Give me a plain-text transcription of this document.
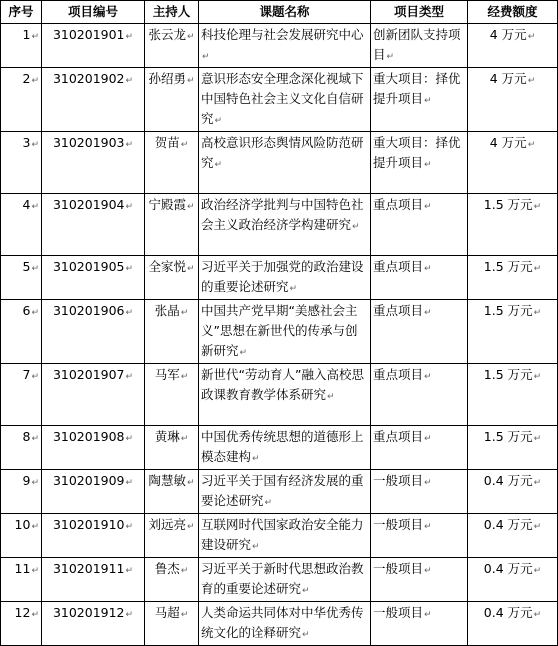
序号	项目编号	主持人	课题名称	项目类型	经费额度
1↵	310201901↵	张云龙↵	科技伦理与社会发展研究中心↵	创新团队支持项目↵	4 万元↵
2↵	310201902↵	孙绍勇↵	意识形态安全理念深化视域下中国特色社会主义文化自信研究↵	重大项目：择优提升项目↵	4 万元↵
3↵	310201903↵	贺苗↵	高校意识形态舆情风险防范研究↵	重大项目：择优提升项目↵	4 万元↵
4↵	310201904↵	宁殿霞↵	政治经济学批判与中国特色社会主义政治经济学构建研究↵	重点项目↵	1.5 万元↵
5↵	310201905↵	全家悦↵	习近平关于加强党的政治建设的重要论述研究↵	重点项目↵	1.5 万元↵
6↵	310201906↵	张晶↵	中国共产党早期“美感社会主义”思想在新世代的传承与创新研究↵	重点项目↵	1.5 万元↵
7↵	310201907↵	马军↵	新世代“劳动育人”融入高校思政课教育教学体系研究↵	重点项目↵	1.5 万元↵
8↵	310201908↵	黄琳↵	中国优秀传统思想的道德形上模态建构↵	重点项目↵	1.5 万元↵
9↵	310201909↵	陶慧敏↵	习近平关于国有经济发展的重要论述研究↵	一般项目↵	0.4 万元↵
10↵	310201910↵	刘远亮↵	互联网时代国家政治安全能力建设研究↵	一般项目↵	0.4 万元↵
11↵	310201911↵	鲁杰↵	习近平关于新时代思想政治教育的重要论述研究↵	一般项目↵	0.4 万元↵
12↵	310201912↵	马超↵	人类命运共同体对中华优秀传统文化的诠释研究↵	一般项目↵	0.4 万元↵
